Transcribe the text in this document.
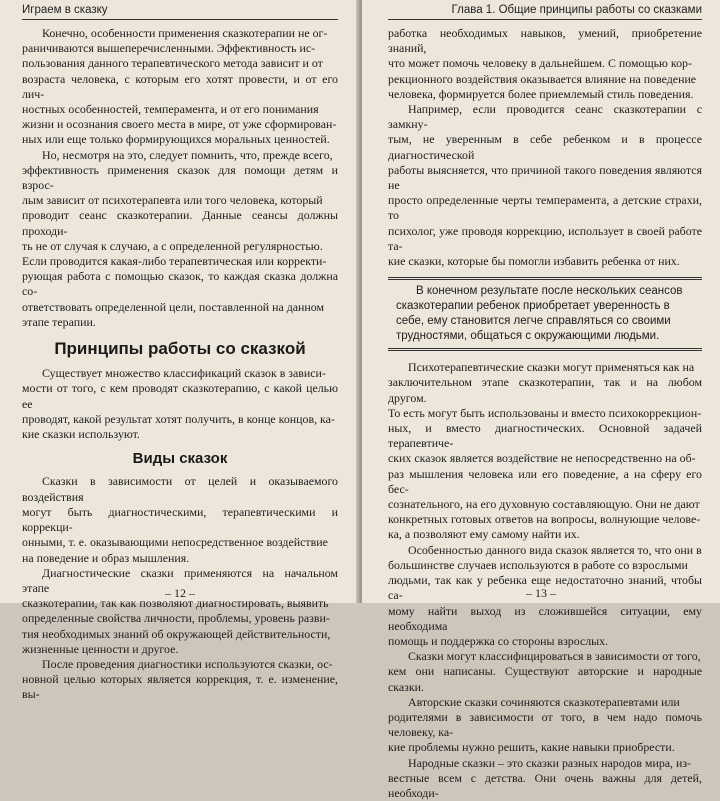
Играем в сказку

Конечно, особенности применения сказкотерапии не ог-
раничиваются вышеперечисленными. Эффективность ис-
пользования данного терапевтического метода зависит и от
возраста человека, с которым его хотят провести, и от его лич-
ностных особенностей, темперамента, и от его понимания
жизни и осознания своего места в мире, от уже сформирован-
ных или еще только формирующихся моральных ценностей.

Но, несмотря на это, следует помнить, что, прежде всего,
эффективность применения сказок для помощи детям и взрос-
лым зависит от психотерапевта или того человека, который
проводит сеанс сказкотерапии. Данные сеансы должны проходи-
ть не от случая к случаю, а с определенной регулярностью.
Если проводится какая-либо терапевтическая или корректи-
рующая работа с помощью сказок, то каждая сказка должна со-
ответствовать определенной цели, поставленной на данном
этапе терапии.

Принципы работы со сказкой

Существует множество классификаций сказок в зависи-
мости от того, с кем проводят сказкотерапию, с какой целью ее
проводят, какой результат хотят получить, в конце концов, ка-
кие сказки используют.

Виды сказок

Сказки в зависимости от целей и оказываемого воздействия
могут быть диагностическими, терапевтическими и коррекци-
онными, т. е. оказывающими непосредственное воздействие
на поведение и образ мышления.

Диагностические сказки применяются на начальном этапе
сказкотерапии, так как позволяют диагностировать, выявить
определенные свойства личности, проблемы, уровень разви-
тия необходимых знаний об окружающей действительности,
жизненные ценности и другое.

После проведения диагностики используются сказки, ос-
новной целью которых является коррекция, т. е. изменение, вы-

– 12 –
Глава 1. Общие принципы работы со сказками

работка необходимых навыков, умений, приобретение знаний,
что может помочь человеку в дальнейшем. С помощью кор-
рекционного воздействия оказывается влияние на поведение
человека, формируется более приемлемый стиль поведения.

Например, если проводится сеанс сказкотерапии с замкну-
тым, не уверенным в себе ребенком и в процессе диагностической
работы выясняется, что причиной такого поведения являются не
просто определенные черты темперамента, а детские страхи, то
психолог, уже проводя коррекцию, использует в своей работе та-
кие сказки, которые бы помогли избавить ребенка от них.

В конечном результате после нескольких сеансов
сказкотерапии ребенок приобретает уверенность в
себе, ему становится легче справляться со своими
трудностями, общаться с окружающими людьми.

Психотерапевтические сказки могут применяться как на
заключительном этапе сказкотерапии, так и на любом другом.
То есть могут быть использованы и вместо психокоррекцион-
ных, и вместо диагностических. Основной задачей терапевтиче-
ских сказок является воздействие не непосредственно на об-
раз мышления человека или его поведение, а на сферу его бес-
сознательного, на его духовную составляющую. Они не дают
конкретных готовых ответов на вопросы, волнующие челове-
ка, а позволяют ему самому найти их.

Особенностью данного вида сказок является то, что они в
большинстве случаев используются в работе со взрослыми
людьми, так как у ребенка еще недостаточно знаний, чтобы са-
мому найти выход из сложившейся ситуации, ему необходима
помощь и поддержка со стороны взрослых.

Сказки могут классифицироваться в зависимости от того,
кем они написаны. Существуют авторские и народные сказки.

Авторские сказки сочиняются сказкотерапевтами или
родителями в зависимости от того, в чем надо помочь человеку, ка-
кие проблемы нужно решить, какие навыки приобрести.

Народные сказки – это сказки разных народов мира, из-
вестные всем с детства. Они очень важны для детей, необходи-

– 13 –
